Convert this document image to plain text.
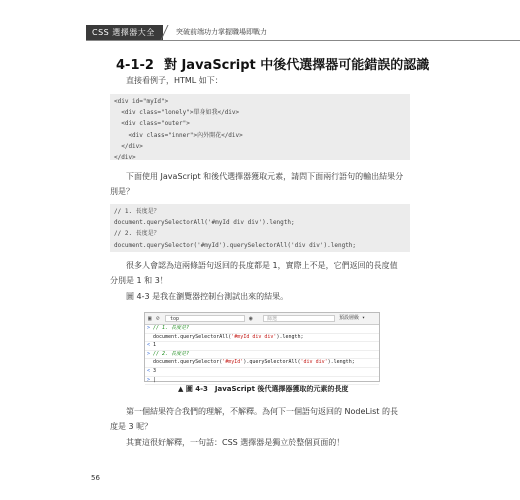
CSS 選擇器大全	突破前端功力掌握職場即戰力
4-1-2 對 JavaScript 中後代選擇器可能錯誤的認識
直接看例子，HTML 如下：
<div id="myId">
<div class="lonely">單身如我</div>
<div class="outer">
<div class="inner">內外開花</div>
</div>
</div>
下面使用 JavaScript 和後代選擇器獲取元素，請問下面兩行語句的輸出結果分
別是？
// 1. 長度是？
document.querySelectorAll('#myId div div').length;
// 2. 長度是？
document.querySelector('#myId').querySelectorAll('div div').length;
很多人會認為這兩條語句返回的長度都是 1，實際上不是，它們返回的長度值
分別是 1 和 3！
圖 4-3 是我在瀏覽器控制台測試出來的結果。
▣ ⊘	top	◉	篩選	預設層級 ▾
> // 1. 長度是?
document.querySelectorAll('#myId div div').length;
< 1
> // 2. 長度是?
document.querySelector('#myId').querySelectorAll('div div').length;
< 3
> |
▲ 圖 4-3　JavaScript 後代選擇器獲取的元素的長度
第一個結果符合我們的理解，不解釋。為何下一個語句返回的 NodeList 的長
度是 3 呢？
其實這很好解釋，一句話：CSS 選擇器是獨立於整個頁面的！
56
